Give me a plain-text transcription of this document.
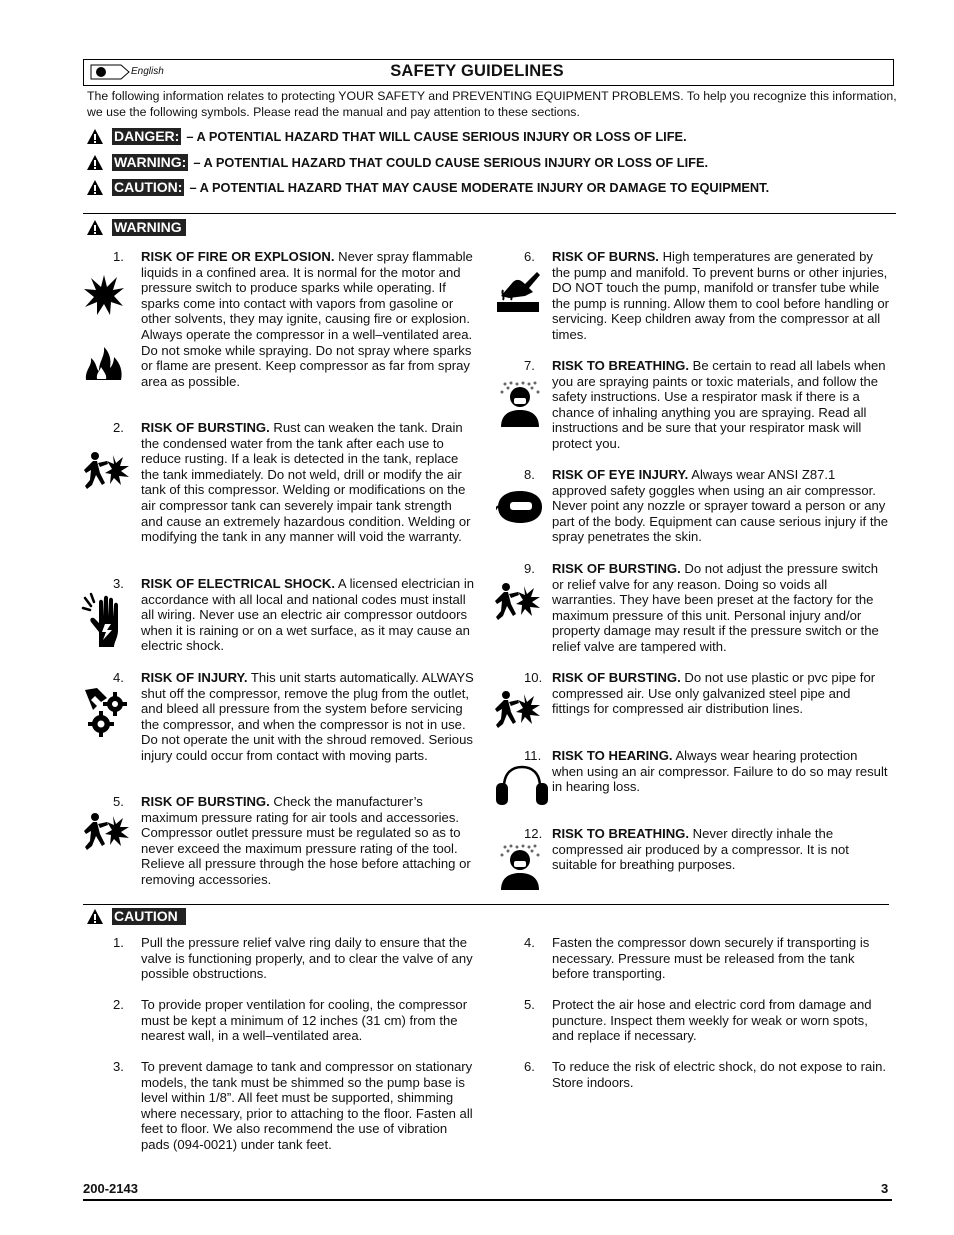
English	SAFETY GUIDELINES
The following information relates to protecting YOUR SAFETY and PREVENTING EQUIPMENT PROBLEMS. To help you recognize this information, we use the following symbols. Please read the manual and pay attention to these sections.
DANGER: – A POTENTIAL HAZARD THAT WILL CAUSE SERIOUS INJURY OR LOSS OF LIFE.
WARNING: – A POTENTIAL HAZARD THAT COULD CAUSE SERIOUS INJURY OR LOSS OF LIFE.
CAUTION: – A POTENTIAL HAZARD THAT MAY CAUSE MODERATE INJURY OR DAMAGE TO EQUIPMENT.
WARNING
1. RISK OF FIRE OR EXPLOSION. Never spray flammable liquids in a confined area. It is normal for the motor and pressure switch to produce sparks while operating. If sparks come into contact with vapors from gasoline or other solvents, they may ignite, causing fire or explosion. Always operate the compressor in a well–ventilated area. Do not smoke while spraying. Do not spray where sparks or flame are present. Keep compressor as far from spray area as possible.
2. RISK OF BURSTING. Rust can weaken the tank. Drain the condensed water from the tank after each use to reduce rusting. If a leak is detected in the tank, replace the tank immediately. Do not weld, drill or modify the air tank of this compressor. Welding or modifications on the air compressor tank can severely impair tank strength and cause an extremely hazardous condition. Welding or modifying the tank in any manner will void the warranty.
3. RISK OF ELECTRICAL SHOCK. A licensed electrician in accordance with all local and national codes must install all wiring. Never use an electric air compressor outdoors when it is raining or on a wet surface, as it may cause an electric shock.
4. RISK OF INJURY. This unit starts automatically. ALWAYS shut off the compressor, remove the plug from the outlet, and bleed all pressure from the system before servicing the compressor, and when the compressor is not in use. Do not operate the unit with the shroud removed. Serious injury could occur from contact with moving parts.
5. RISK OF BURSTING. Check the manufacturer’s maximum pressure rating for air tools and accessories. Compressor outlet pressure must be regulated so as to never exceed the maximum pressure rating of the tool. Relieve all pressure through the hose before attaching or removing accessories.
6. RISK OF BURNS. High temperatures are generated by the pump and manifold. To prevent burns or other injuries, DO NOT touch the pump, manifold or transfer tube while the pump is running. Allow them to cool before handling or servicing. Keep children away from the compressor at all times.
7. RISK TO BREATHING. Be certain to read all labels when you are spraying paints or toxic materials, and follow the safety instructions. Use a respirator mask if there is a chance of inhaling anything you are spraying. Read all instructions and be sure that your respirator mask will protect you.
8. RISK OF EYE INJURY. Always wear ANSI Z87.1 approved safety goggles when using an air compressor. Never point any nozzle or sprayer toward a person or any part of the body. Equipment can cause serious injury if the spray penetrates the skin.
9. RISK OF BURSTING. Do not adjust the pressure switch or relief valve for any reason. Doing so voids all warranties. They have been preset at the factory for the maximum pressure of this unit. Personal injury and/or property damage may result if the pressure switch or the relief valve are tampered with.
10. RISK OF BURSTING. Do not use plastic or pvc pipe for compressed air. Use only galvanized steel pipe and fittings for compressed air distribution lines.
11. RISK TO HEARING. Always wear hearing protection when using an air compressor. Failure to do so may result in hearing loss.
12. RISK TO BREATHING. Never directly inhale the compressed air produced by a compressor. It is not suitable for breathing purposes.
CAUTION
1. Pull the pressure relief valve ring daily to ensure that the valve is functioning properly, and to clear the valve of any possible obstructions.
2. To provide proper ventilation for cooling, the compressor must be kept a minimum of 12 inches (31 cm) from the nearest wall, in a well–ventilated area.
3. To prevent damage to tank and compressor on stationary models, the tank must be shimmed so the pump base is level within 1/8”. All feet must be supported, shimming where necessary, prior to attaching to the floor. Fasten all feet to floor. We also recommend the use of vibration pads (094-0021) under tank feet.
4. Fasten the compressor down securely if transporting is necessary. Pressure must be released from the tank before transporting.
5. Protect the air hose and electric cord from damage and puncture. Inspect them weekly for weak or worn spots, and replace if necessary.
6. To reduce the risk of electric shock, do not expose to rain. Store indoors.
200-2143	3
